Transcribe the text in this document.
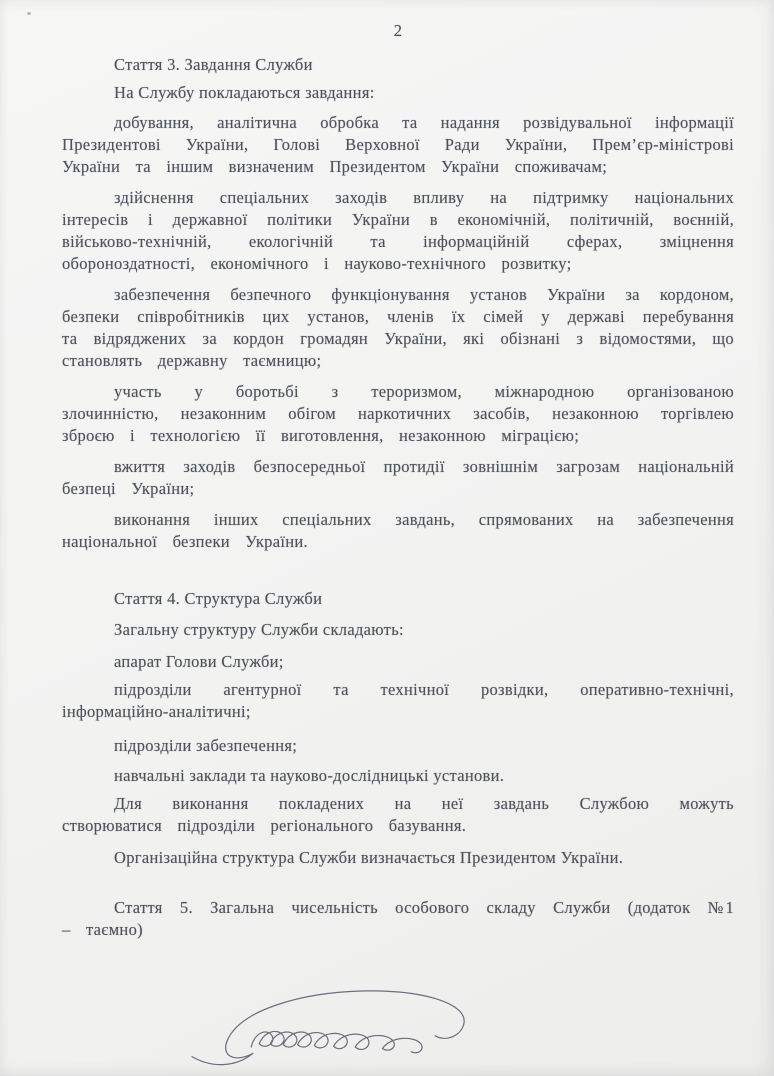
2

Стаття 3. Завдання Служби

На Службу покладаються завдання:

добування, аналітична обробка та надання розвідувальної інформації Президентові України, Голові Верховної Ради України, Прем’єр-міністрові України та іншим визначеним Президентом України споживачам;

здійснення спеціальних заходів впливу на підтримку національних інтересів і державної політики України в економічній, політичній, воєнній, військово-технічній, екологічній та інформаційній сферах, зміцнення обороноздатності, економічного і науково-технічного розвитку;

забезпечення безпечного функціонування установ України за кордоном, безпеки співробітників цих установ, членів їх сімей у державі перебування та відряджених за кордон громадян України, які обізнані з відомостями, що становлять державну таємницю;

участь у боротьбі з тероризмом, міжнародною організованою злочинністю, незаконним обігом наркотичних засобів, незаконною торгівлею зброєю і технологією її виготовлення, незаконною міграцією;

вжиття заходів безпосередньої протидії зовнішнім загрозам національній безпеці України;

виконання інших спеціальних завдань, спрямованих на забезпечення національної безпеки України.

Стаття 4. Структура Служби

Загальну структуру Служби складають:

апарат Голови Служби;

підрозділи агентурної та технічної розвідки, оперативно-технічні, інформаційно-аналітичні;

підрозділи забезпечення;

навчальні заклади та науково-дослідницькі установи.

Для виконання покладених на неї завдань Службою можуть створюватися підрозділи регіонального базування.

Організаційна структура Служби визначається Президентом України.

Стаття 5. Загальна чисельність особового складу Служби (додаток №1 – таємно)
